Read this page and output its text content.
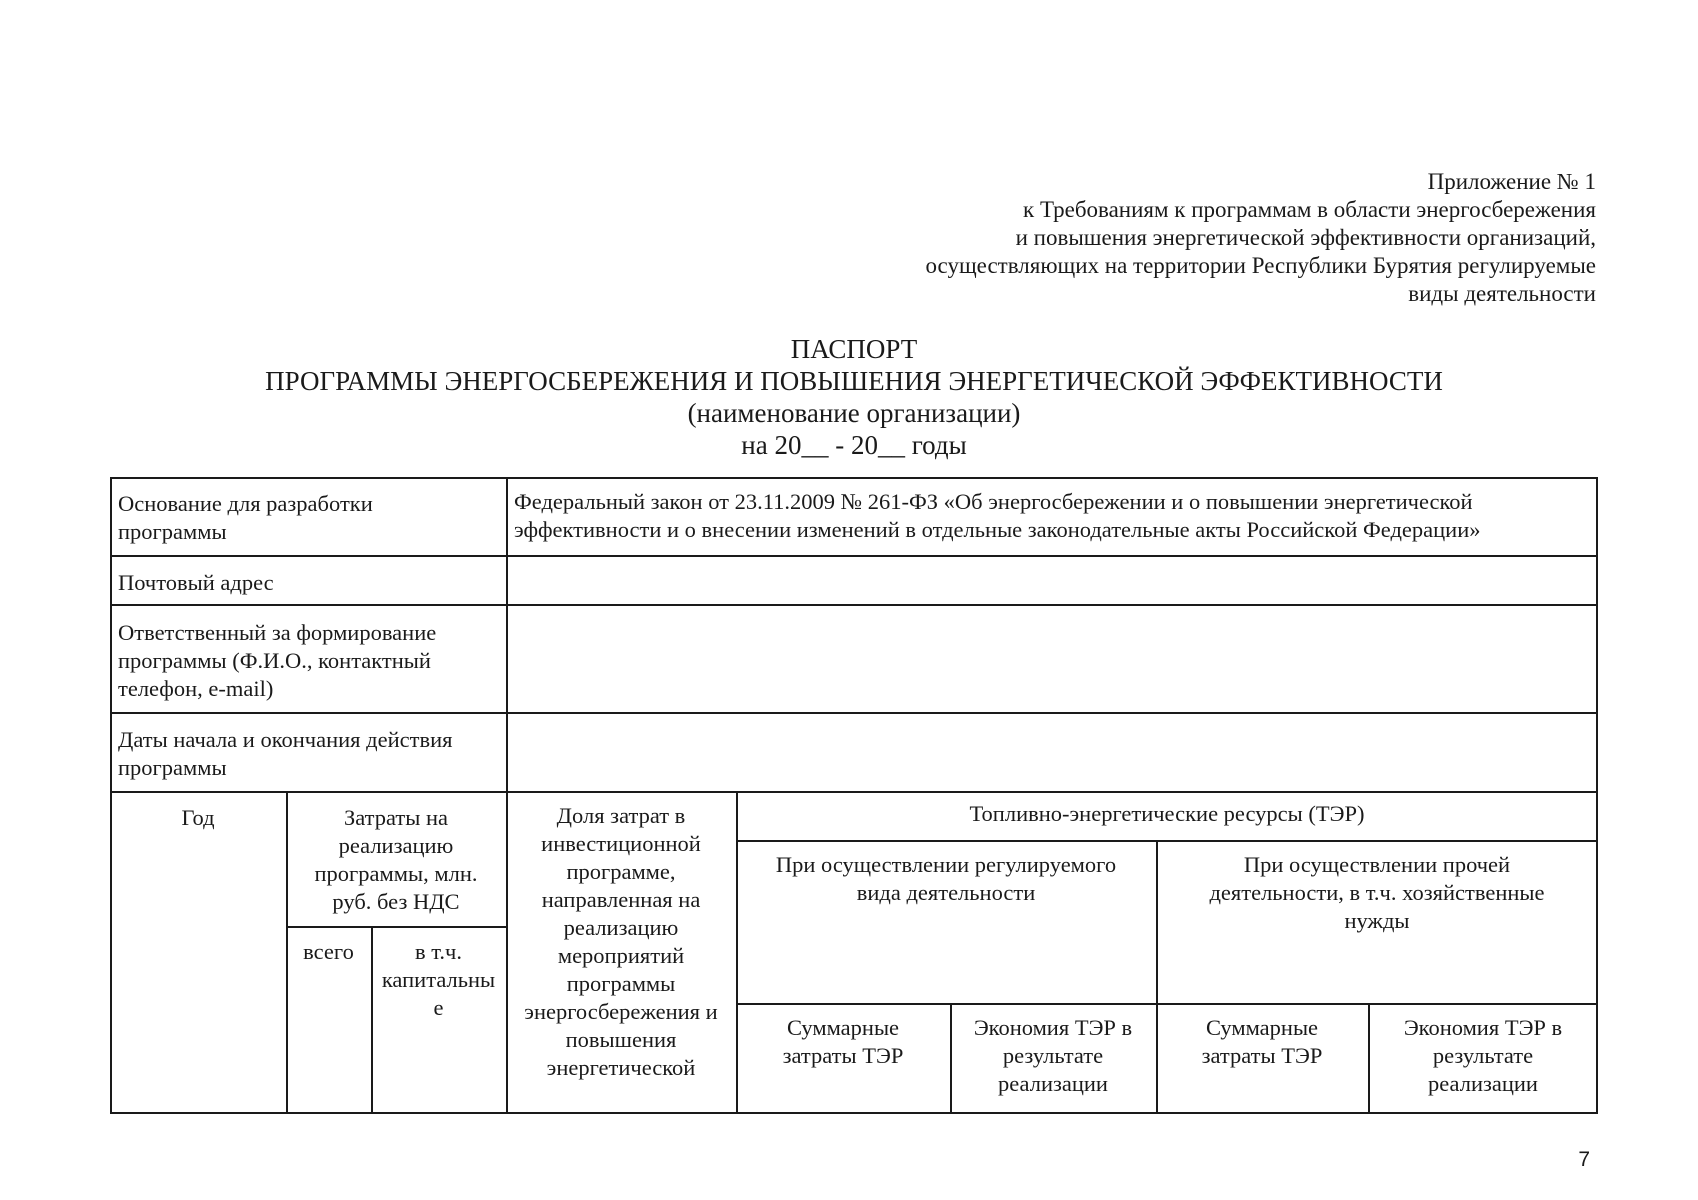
Приложение № 1
к Требованиям к программам в области энергосбережения
и повышения энергетической эффективности организаций,
осуществляющих на территории Республики Бурятия регулируемые
виды деятельности
ПАСПОРТ
ПРОГРАММЫ ЭНЕРГОСБЕРЕЖЕНИЯ И ПОВЫШЕНИЯ ЭНЕРГЕТИЧЕСКОЙ ЭФФЕКТИВНОСТИ
(наименование организации)
на 20__ - 20__ годы
Основание для разработки
программы
Федеральный закон от 23.11.2009 № 261-ФЗ «Об энергосбережении и о повышении энергетической
эффективности и о внесении изменений в отдельные законодательные акты Российской Федерации»
Почтовый адрес
Ответственный за формирование
программы (Ф.И.О., контактный
телефон, e-mail)
Даты начала и окончания действия
программы
Год	Затраты на
реализацию
программы, млн.
руб. без НДС
всего	в т.ч.
капитальны
е
Доля затрат в
инвестиционной
программе,
направленная на
реализацию
мероприятий
программы
энергосбережения и
повышения
энергетической
Топливно-энергетические ресурсы (ТЭР)
При осуществлении регулируемого
вида деятельности
При осуществлении прочей
деятельности, в т.ч. хозяйственные
нужды
Суммарные
затраты ТЭР
Экономия ТЭР в
результате
реализации
Суммарные
затраты ТЭР
Экономия ТЭР в
результате
реализации
7
